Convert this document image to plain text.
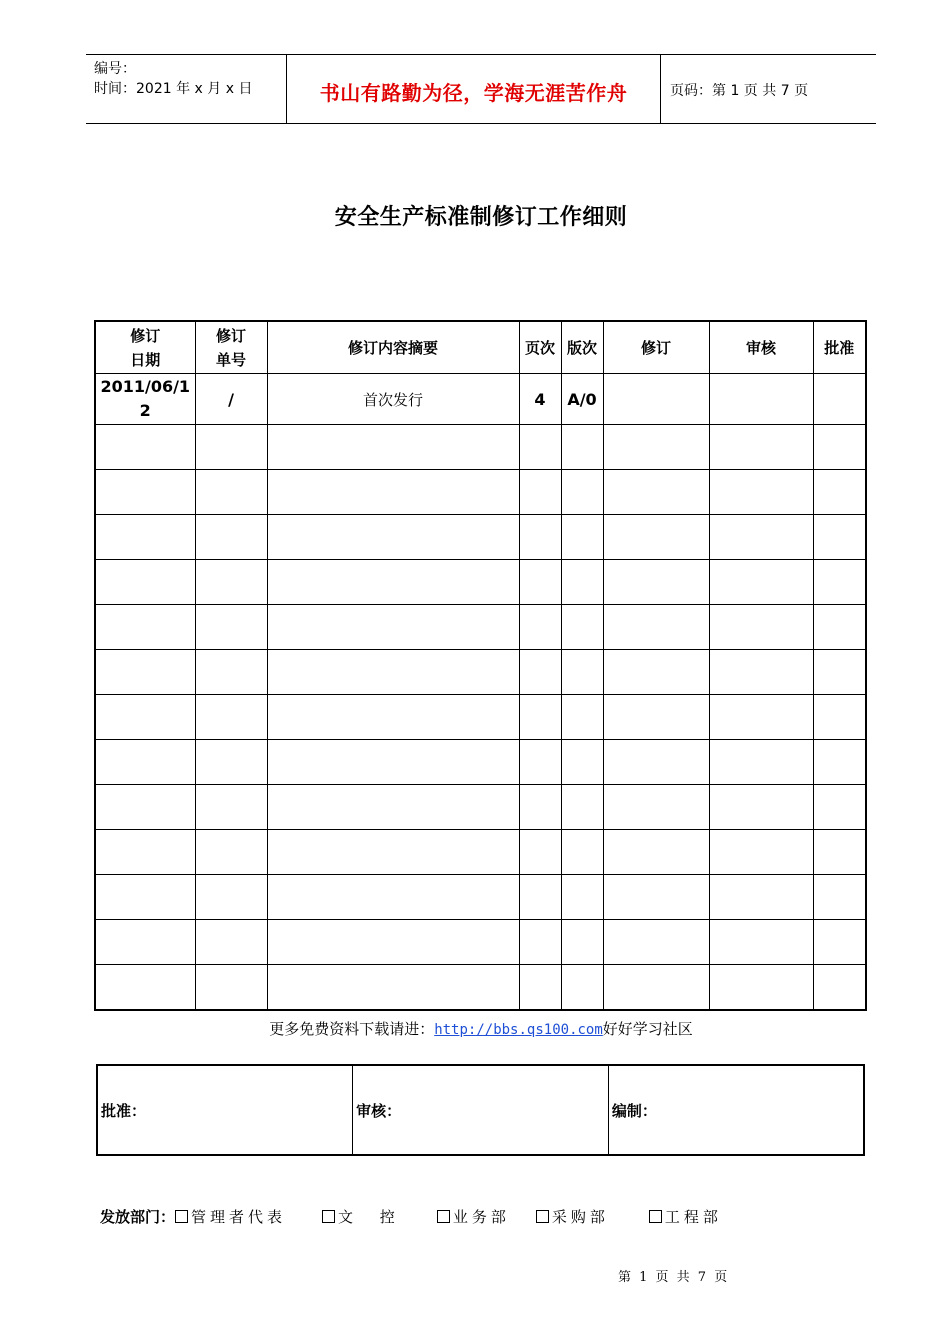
编号：
时间：2021 年 x 月 x 日	书山有路勤为径，学海无涯苦作舟	页码：第 1 页 共 7 页
安全生产标准制修订工作细则
修订日期	修订单号	修订内容摘要	页次	版次	修订	审核	批准
2011/06/12	/	首次发行	4	A/0			

更多免费资料下载请进：http://bbs.qs100.com好好学习社区
批准：	审核：	编制：
发放部门： 管理者代表	文 控	业务部	采购部	工程部
第 1 页 共 7 页
